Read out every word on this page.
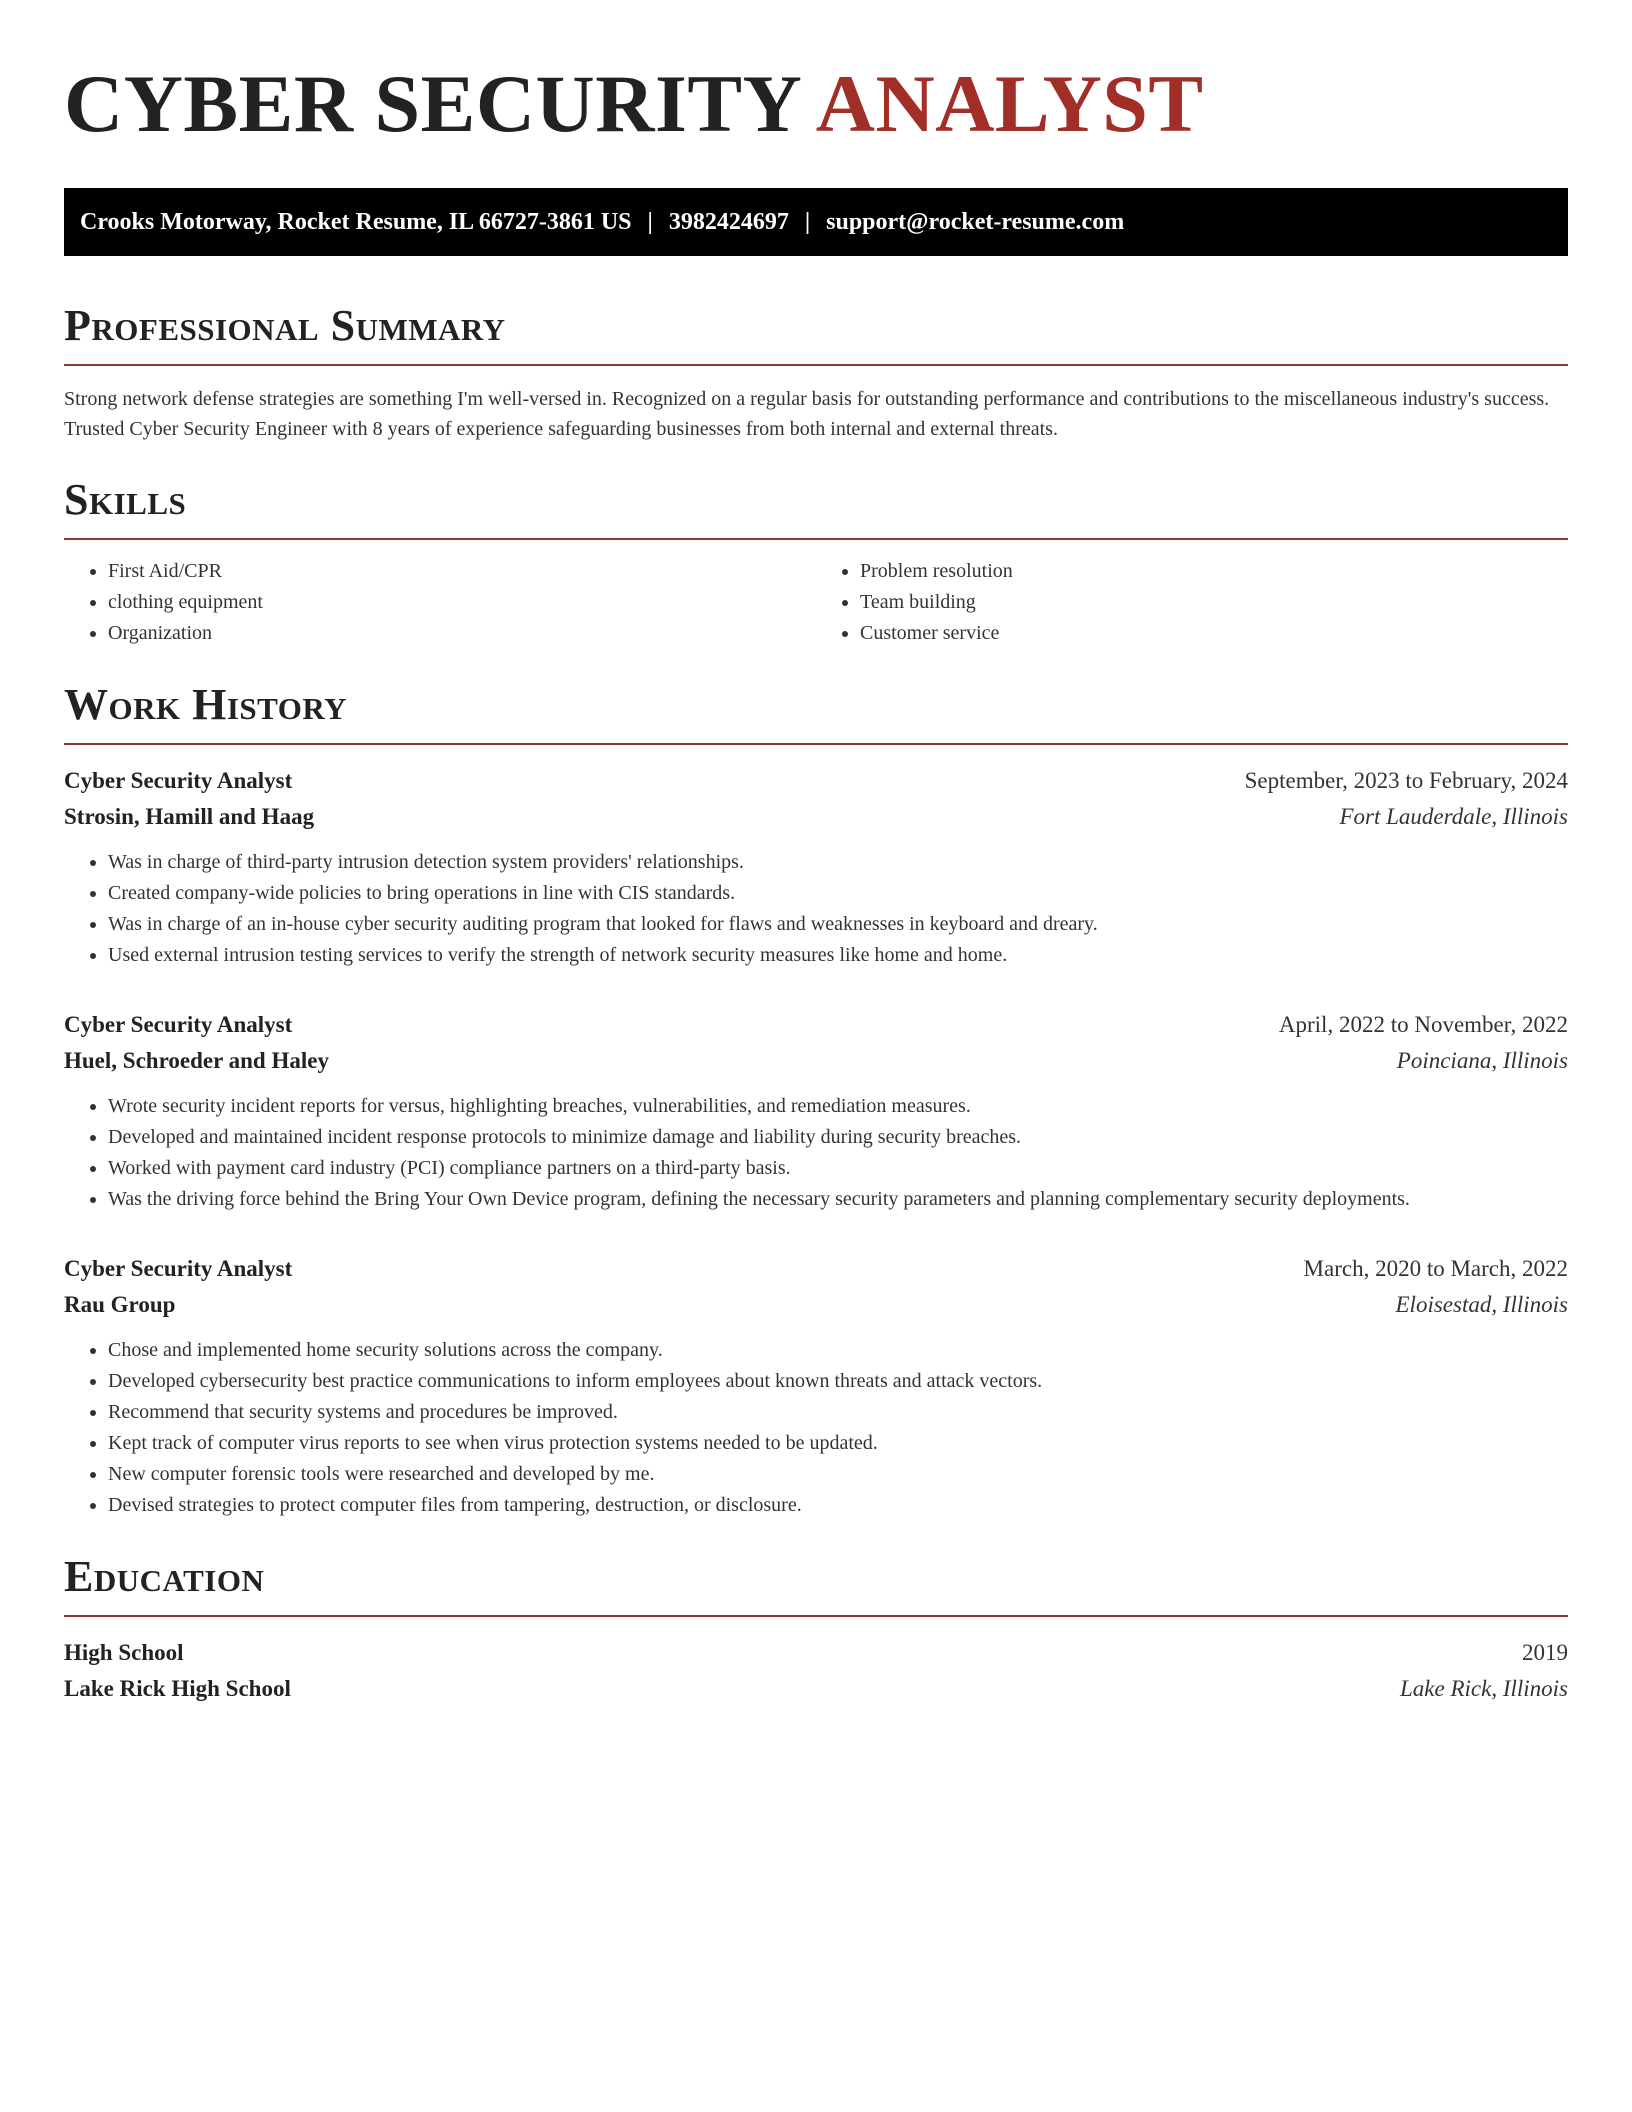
CYBER SECURITY ANALYST
Crooks Motorway, Rocket Resume, IL 66727-3861 US | 3982424697 | support@rocket-resume.com
Professional Summary

Strong network defense strategies are something I'm well-versed in. Recognized on a regular basis for outstanding performance and contributions to the miscellaneous industry's success. Trusted Cyber Security Engineer with 8 years of experience safeguarding businesses from both internal and external threats.

Skills
• First Aid/CPR
• clothing equipment
• Organization
• Problem resolution
• Team building
• Customer service
Work History
Cyber Security Analyst	September, 2023 to February, 2024
Strosin, Hamill and Haag	Fort Lauderdale, Illinois
• Was in charge of third-party intrusion detection system providers' relationships.
• Created company-wide policies to bring operations in line with CIS standards.
• Was in charge of an in-house cyber security auditing program that looked for flaws and weaknesses in keyboard and dreary.
• Used external intrusion testing services to verify the strength of network security measures like home and home.
Cyber Security Analyst	April, 2022 to November, 2022
Huel, Schroeder and Haley	Poinciana, Illinois
• Wrote security incident reports for versus, highlighting breaches, vulnerabilities, and remediation measures.
• Developed and maintained incident response protocols to minimize damage and liability during security breaches.
• Worked with payment card industry (PCI) compliance partners on a third-party basis.
• Was the driving force behind the Bring Your Own Device program, defining the necessary security parameters and planning complementary security deployments.
Cyber Security Analyst	March, 2020 to March, 2022
Rau Group	Eloisestad, Illinois
• Chose and implemented home security solutions across the company.
• Developed cybersecurity best practice communications to inform employees about known threats and attack vectors.
• Recommend that security systems and procedures be improved.
• Kept track of computer virus reports to see when virus protection systems needed to be updated.
• New computer forensic tools were researched and developed by me.
• Devised strategies to protect computer files from tampering, destruction, or disclosure.
Education
High School	2019
Lake Rick High School	Lake Rick, Illinois
